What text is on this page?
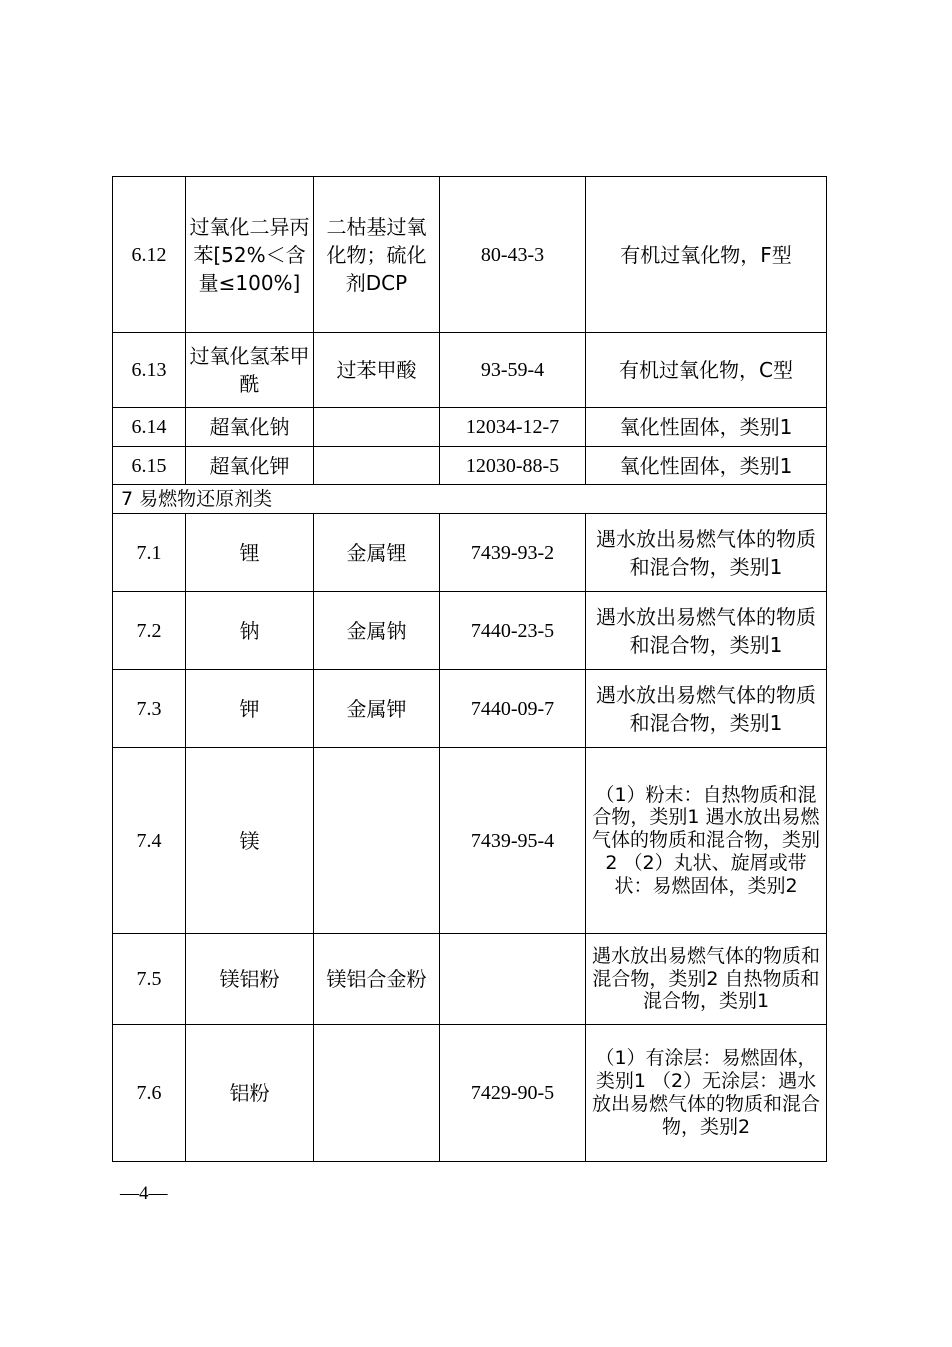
6.12	过氧化二异丙苯[52%＜含量≤100%]	二枯基过氧化物；硫化剂DCP	80-43-3	有机过氧化物，F型
6.13	过氧化氢苯甲酰	过苯甲酸	93-59-4	有机过氧化物，C型
6.14	超氧化钠		12034-12-7	氧化性固体，类别1
6.15	超氧化钾		12030-88-5	氧化性固体，类别1
7 易燃物还原剂类				
7.1	锂	金属锂	7439-93-2	遇水放出易燃气体的物质和混合物，类别1
7.2	钠	金属钠	7440-23-5	遇水放出易燃气体的物质和混合物，类别1
7.3	钾	金属钾	7440-09-7	遇水放出易燃气体的物质和混合物，类别1
7.4	镁		7439-95-4	（1）粉末：自热物质和混合物，类别1 遇水放出易燃气体的物质和混合物，类别2 （2）丸状、旋屑或带状：易燃固体，类别2
7.5	镁铝粉	镁铝合金粉		遇水放出易燃气体的物质和混合物，类别2 自热物质和混合物，类别1
7.6	铝粉		7429-90-5	（1）有涂层：易燃固体，类别1 （2）无涂层：遇水放出易燃气体的物质和混合物，类别2
—4—
